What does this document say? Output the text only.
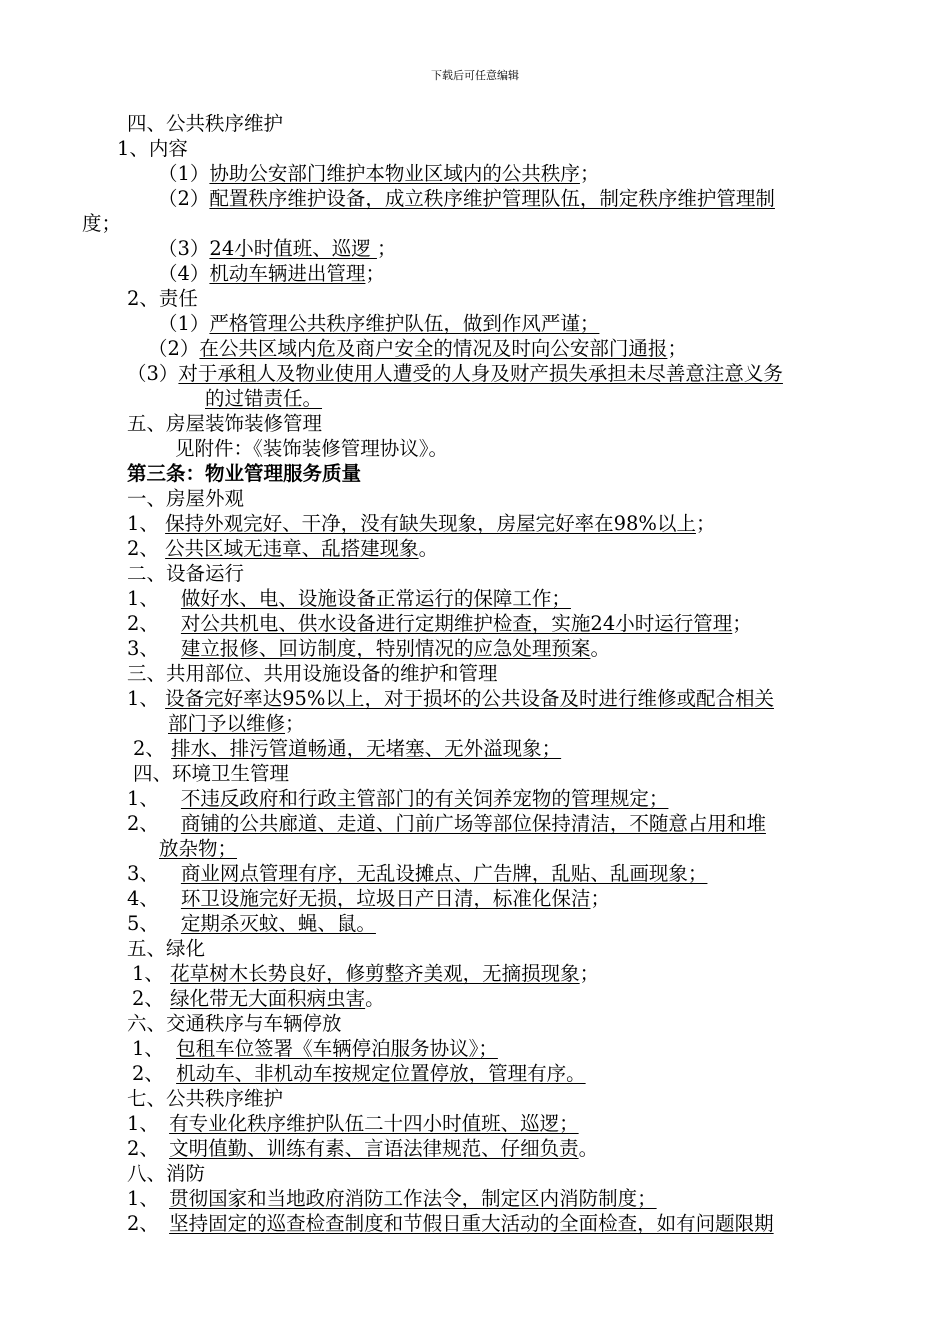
下载后可任意编辑
四、公共秩序维护
1、内容
（1）协助公安部门维护本物业区域内的公共秩序；
（2）配置秩序维护设备，成立秩序维护管理队伍，制定秩序维护管理制
度；
（3）24小时值班、巡逻 ；
（4）机动车辆进出管理；
2、责任
（1）严格管理公共秩序维护队伍，做到作风严谨；
（2）在公共区域内危及商户安全的情况及时向公安部门通报；
（3）对于承租人及物业使用人遭受的人身及财产损失承担未尽善意注意义务
的过错责任。
五、房屋装饰装修管理
见附件：《装饰装修管理协议》。
第三条：物业管理服务质量
一、房屋外观
1、 保持外观完好、干净，没有缺失现象，房屋完好率在98%以上；
2、 公共区域无违章、乱搭建现象。
二、设备运行
1、 做好水、电、设施设备正常运行的保障工作；
2、 对公共机电、供水设备进行定期维护检查，实施24小时运行管理；
3、 建立报修、回访制度，特别情况的应急处理预案。
三、共用部位、共用设施设备的维护和管理
1、 设备完好率达95%以上，对于损坏的公共设备及时进行维修或配合相关
部门予以维修；
2、 排水、排污管道畅通，无堵塞、无外溢现象；
四、环境卫生管理
1、 不违反政府和行政主管部门的有关饲养宠物的管理规定；
2、 商铺的公共廊道、走道、门前广场等部位保持清洁，不随意占用和堆
放杂物；
3、 商业网点管理有序，无乱设摊点、广告牌，乱贴、乱画现象；
4、 环卫设施完好无损，垃圾日产日清，标准化保洁；
5、 定期杀灭蚊、蝇、鼠。
五、绿化
1、 花草树木长势良好，修剪整齐美观，无摘损现象；
2、 绿化带无大面积病虫害。
六、交通秩序与车辆停放
1、 包租车位签署《车辆停泊服务协议》；
2、 机动车、非机动车按规定位置停放，管理有序。
七、公共秩序维护
1、 有专业化秩序维护队伍二十四小时值班、巡逻；
2、 文明值勤、训练有素、言语法律规范、仔细负责。
八、消防
1、 贯彻国家和当地政府消防工作法令，制定区内消防制度；
2、 坚持固定的巡查检查制度和节假日重大活动的全面检查，如有问题限期
